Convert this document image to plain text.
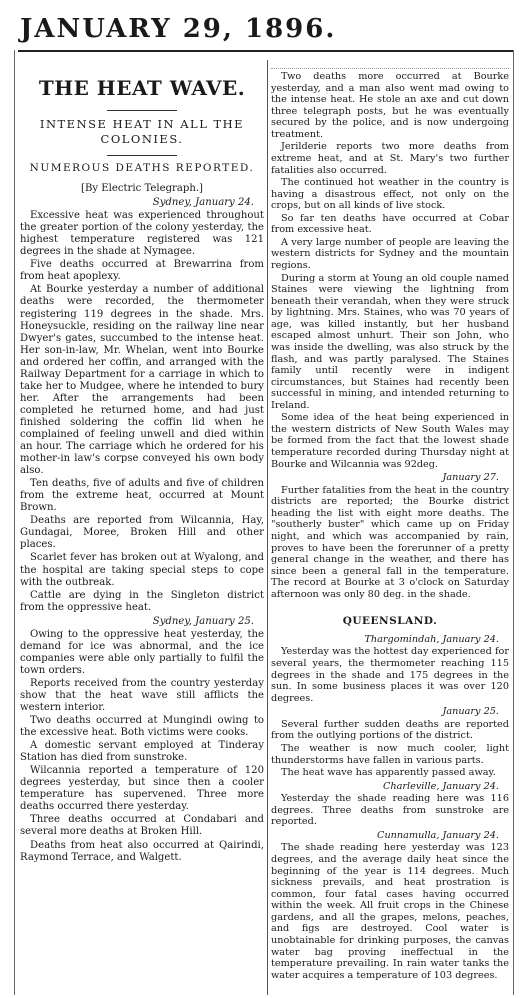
JANUARY 29, 1896.
THE HEAT WAVE.
INTENSE HEAT IN ALL THE COLONIES.
NUMEROUS DEATHS REPORTED.
[By Electric Telegraph.]
Sydney, January 24.

Excessive heat was experienced throughout the greater portion of the colony yesterday, the highest temperature registered was 121 degrees in the shade at Nymagee.

Five deaths occurred at Brewarrina from from heat apoplexy.

At Bourke yesterday a number of additional deaths were recorded, the thermometer registering 119 degrees in the shade. Mrs. Honeysuckle, residing on the railway line near Dwyer's gates, succumbed to the intense heat. Her son-in-law, Mr. Whelan, went into Bourke and ordered her coffin, and arranged with the Railway Department for a carriage in which to take her to Mudgee, where he intended to bury her. After the arrangements had been completed he returned home, and had just finished soldering the coffin lid when he complained of feeling unwell and died within an hour. The carriage which he ordered for his mother-in law's corpse conveyed his own body also.

Ten deaths, five of adults and five of children from the extreme heat, occurred at Mount Brown.

Deaths are reported from Wilcannia, Hay, Gundagai, Moree, Broken Hill and other places.

Scarlet fever has broken out at Wyalong, and the hospital are taking special steps to cope with the outbreak.

Cattle are dying in the Singleton district from the oppressive heat.

Sydney, January 25.

Owing to the oppressive heat yesterday, the demand for ice was abnormal, and the ice companies were able only partially to fulfil the town orders.

Reports received from the country yesterday show that the heat wave still afflicts the western interior.

Two deaths occurred at Mungindi owing to the excessive heat. Both victims were cooks.

A domestic servant employed at Tinderay Station has died from sunstroke.

Wilcannia reported a temperature of 120 degrees yesterday, but since then a cooler temperature has supervened. Three more deaths occurred there yesterday.

Three deaths occurred at Condabari and several more deaths at Broken Hill.

Deaths from heat also occurred at Qairindi, Raymond Terrace, and Walgett.

Two deaths more occurred at Bourke yesterday, and a man also went mad owing to the intense heat. He stole an axe and cut down three telegraph posts, but he was eventually secured by the police, and is now undergoing treatment.

Jerilderie reports two more deaths from extreme heat, and at St. Mary's two further fatalities also occurred.

The continued hot weather in the country is having a disastrous effect, not only on the crops, but on all kinds of live stock.

So far ten deaths have occurred at Cobar from excessive heat.

A very large number of people are leaving the western districts for Sydney and the mountain regions.

During a storm at Young an old couple named Staines were viewing the lightning from beneath their verandah, when they were struck by lightning. Mrs. Staines, who was 70 years of age, was killed instantly, but her husband escaped almost unhurt. Their son John, who was inside the dwelling, was also struck by the flash, and was partly paralysed. The Staines family until recently were in indigent circumstances, but Staines had recently been successful in mining, and intended returning to Ireland.

Some idea of the heat being experienced in the western districts of New South Wales may be formed from the fact that the lowest shade temperature recorded during Thursday night at Bourke and Wilcannia was 92deg.

January 27.

Further fatalities from the heat in the country districts are reported; the Bourke district heading the list with eight more deaths. The "southerly buster" which came up on Friday night, and which was accompanied by rain, proves to have been the forerunner of a pretty general change in the weather, and there has since been a general fall in the temperature. The record at Bourke at 3 o'clock on Saturday afternoon was only 80 deg. in the shade.

QUEENSLAND.
Thargomindah, January 24.

Yesterday was the hottest day experienced for several years, the thermometer reaching 115 degrees in the shade and 175 degrees in the sun. In some business places it was over 120 degrees.

January 25.

Several further sudden deaths are reported from the outlying portions of the district.

The weather is now much cooler, light thunderstorms have fallen in various parts.

The heat wave has apparently passed away.

Charleville, January 24.

Yesterday the shade reading here was 116 degrees. Three deaths from sunstroke are reported.

Cunnamulla, January 24.

The shade reading here yesterday was 123 degrees, and the average daily heat since the beginning of the year is 114 degrees. Much sickness prevails, and heat prostration is common, four fatal cases having occurred within the week. All fruit crops in the Chinese gardens, and all the grapes, melons, peaches, and figs are destroyed. Cool water is unobtainable for drinking purposes, the canvas water bag proving ineffectual in the temperature prevailing. In rain water tanks the water acquires a temperature of 103 degrees.
